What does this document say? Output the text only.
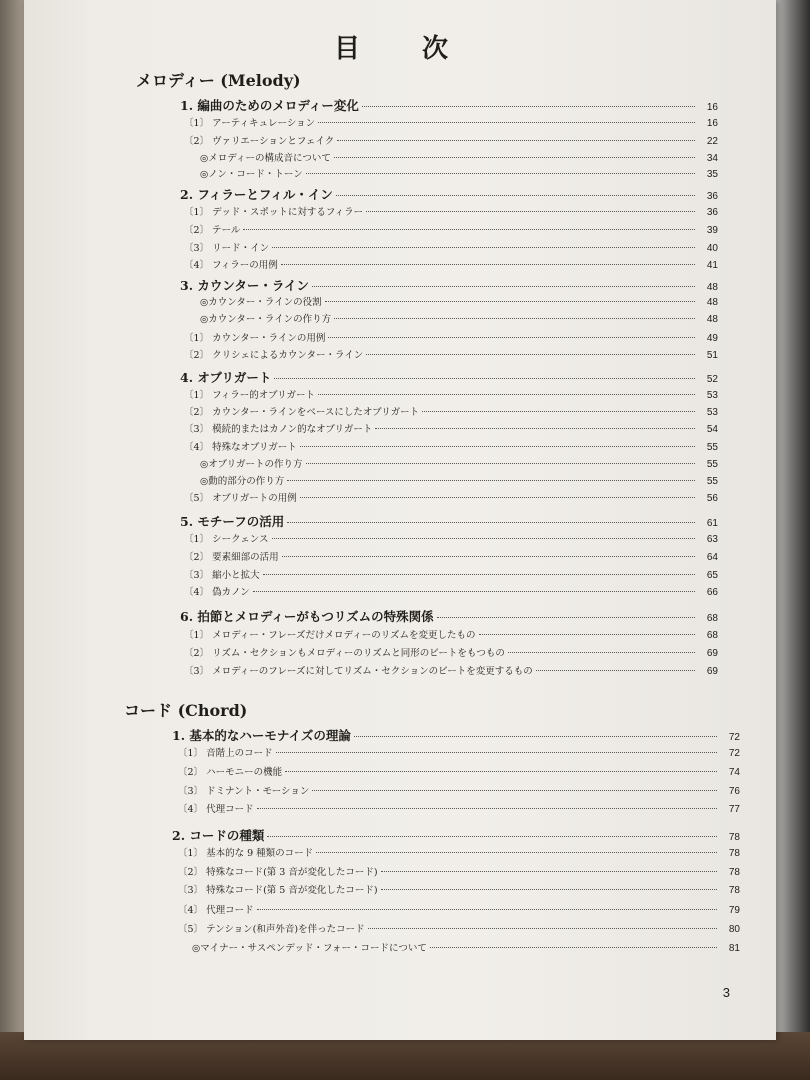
目　次
メロディー (Melody)
1. 編曲のためのメロディー変化	16
〔1〕 アーティキュレーション	16
〔2〕 ヴァリエーションとフェイク	22
◎メロディーの構成音について	34
◎ノン・コード・トーン	35
2. フィラーとフィル・イン	36
〔1〕 デッド・スポットに対するフィラー	36
〔2〕 テール	39
〔3〕 リード・イン	40
〔4〕 フィラーの用例	41
3. カウンター・ライン	48
◎カウンター・ラインの役割	48
◎カウンター・ラインの作り方	48
〔1〕 カウンター・ラインの用例	49
〔2〕 クリシェによるカウンター・ライン	51
4. オブリガート	52
〔1〕 フィラー的オブリガート	53
〔2〕 カウンター・ラインをベースにしたオブリガート	53
〔3〕 模続的またはカノン的なオブリガート	54
〔4〕 特殊なオブリガート	55
◎オブリガートの作り方	55
◎動的部分の作り方	55
〔5〕 オブリガートの用例	56
5. モチーフの活用	61
〔1〕 シークェンス	63
〔2〕 要素細部の活用	64
〔3〕 縮小と拡大	65
〔4〕 偽カノン	66
6. 拍節とメロディーがもつリズムの特殊関係	68
〔1〕 メロディー・フレーズだけメロディーのリズムを変更したもの	68
〔2〕 リズム・セクションもメロディーのリズムと同形のビートをもつもの	69
〔3〕 メロディーのフレーズに対してリズム・セクションのビートを変更するもの	69
コード (Chord)
1. 基本的なハーモナイズの理論	72
〔1〕 音階上のコード	72
〔2〕 ハーモニーの機能	74
〔3〕 ドミナント・モーション	76
〔4〕 代理コード	77
2. コードの種類	78
〔1〕 基本的な 9 種類のコード	78
〔2〕 特殊なコード(第 3 音が変化したコード)	78
〔3〕 特殊なコード(第 5 音が変化したコード)	78
〔4〕 代理コード	79
〔5〕 テンション(和声外音)を伴ったコード	80
◎マイナー・サスペンデッド・フォー・コードについて	81
3
